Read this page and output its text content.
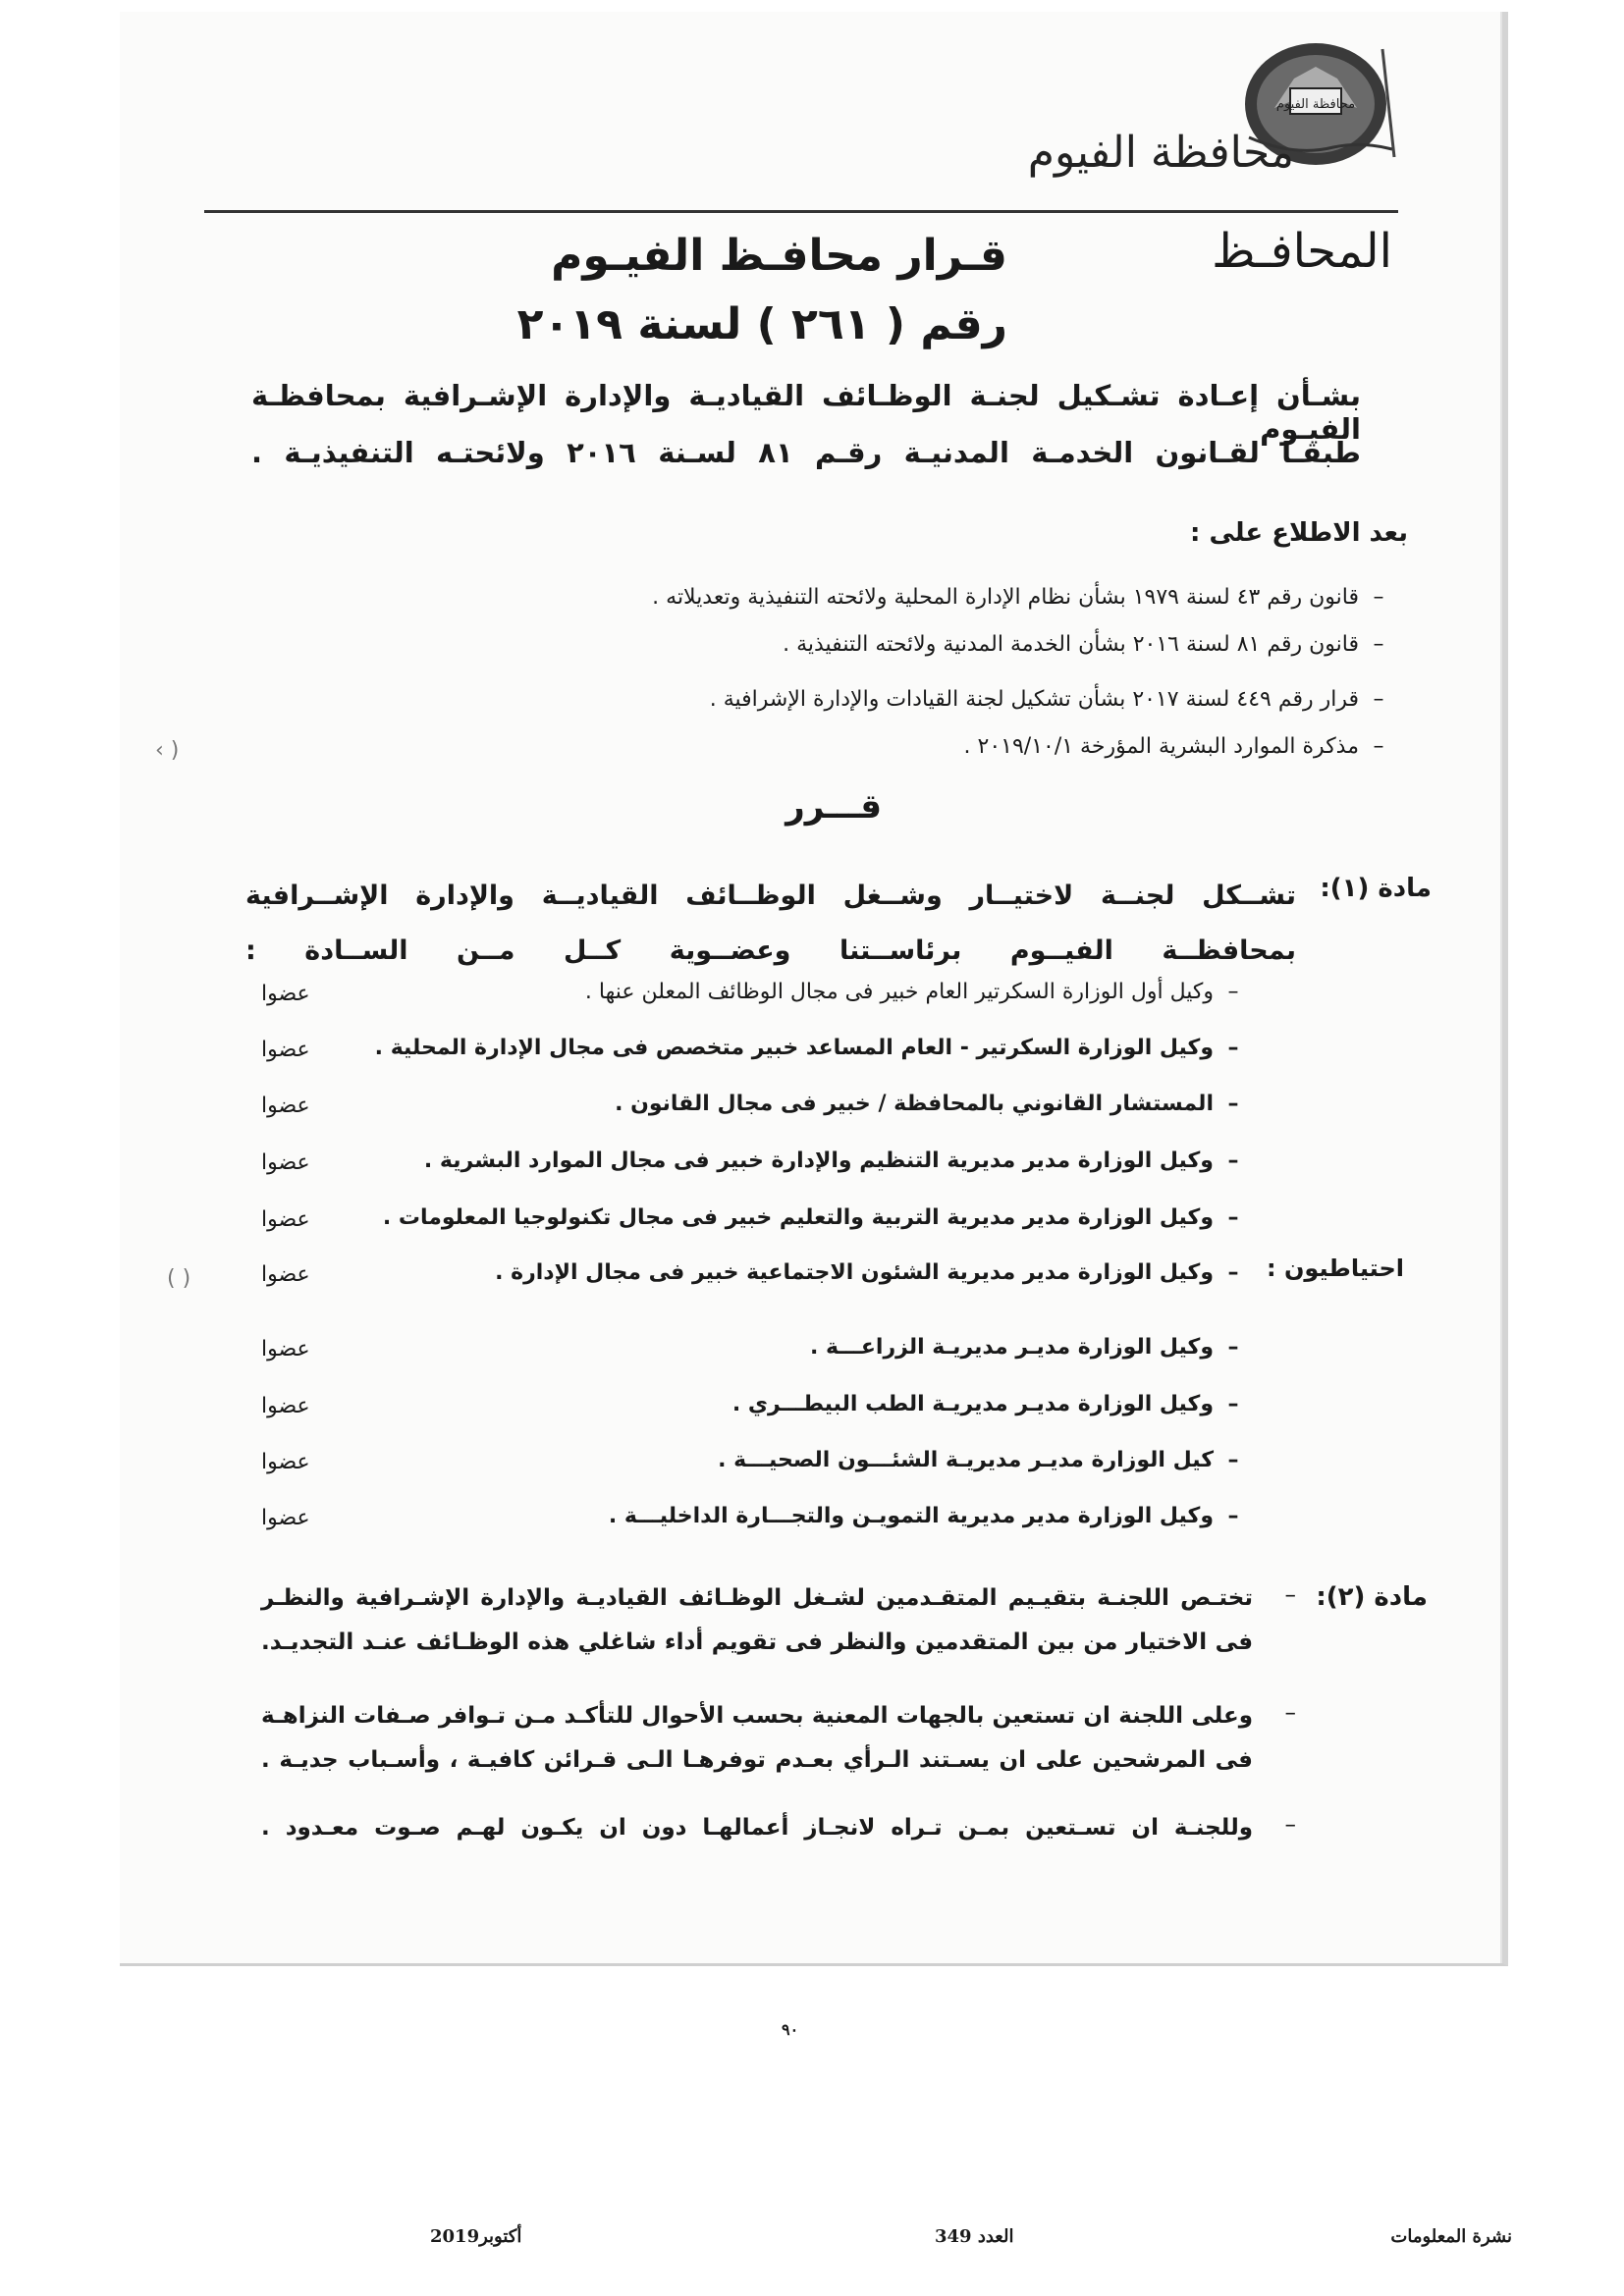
محافظة الفيوم
محافظة الفيوم
المحافـظ
قـرار محافـظ الفيـوم
رقم ( ٢٦١ ) لسنة ٢٠١٩
بشـأن إعـادة تشـكيل لجنـة الوظـائف القياديـة والإدارة الإشـرافية بمحافظـة الفيـوم
طبقـا لقـانون الخدمـة المدنيـة رقـم ٨١ لسـنة ٢٠١٦ ولائحتـه التنفيذيـة .
بعد الاطلاع على :
–قانون رقم ٤٣ لسنة ١٩٧٩ بشأن نظام الإدارة المحلية ولائحته التنفيذية وتعديلاته .
–قانون رقم ٨١ لسنة ٢٠١٦ بشأن الخدمة المدنية ولائحته التنفيذية .
–قرار رقم ٤٤٩ لسنة ٢٠١٧ بشأن تشكيل لجنة القيادات والإدارة الإشرافية .
–مذكرة الموارد البشرية المؤرخة ٢٠١٩/١٠/١ .
قـــرر
مادة (١):
تشــكل لجنــة لاختيــار وشــغل الوظــائف القياديــة والإدارة الإشــرافية
بمحافظــة الفيــوم برئاســتنا وعضــوية كــل مــن الســادة :
–وكيل أول الوزارة السكرتير العام خبير فى مجال الوظائف المعلن عنها .
عضوا
–وكيل الوزارة السكرتير - العام المساعد خبير متخصص فى مجال الإدارة المحلية .
عضوا
–المستشار القانوني بالمحافظة / خبير فى مجال القانون .
عضوا
–وكيل الوزارة مدير مديرية التنظيم والإدارة خبير فى مجال الموارد البشرية .
عضوا
–وكيل الوزارة مدير مديرية التربية والتعليم خبير فى مجال تكنولوجيا المعلومات .
عضوا
احتياطيون :
–وكيل الوزارة مدير مديرية الشئون الاجتماعية خبير فى مجال الإدارة .
عضوا
–وكيل الوزارة مديـر مديريـة الزراعـــة .
عضوا
–وكيل الوزارة مديـر مديريـة الطب البيطـــري .
عضوا
–كيل الوزارة مديـر مديريـة الشئـــون الصحيـــة .
عضوا
–وكيل الوزارة مدير مديرية التمويـن والتجـــارة الداخليـــة .
عضوا
مادة (٢):
–
تختـص اللجنـة بتقيـيم المتقـدمين لشـغل الوظـائف القياديـة والإدارة الإشـرافية والنظـر
فى الاختيار من بين المتقدمين والنظر فى تقويم أداء شاغلي هذه الوظـائف عنـد التجديـد.
–
وعلى اللجنة ان تستعين بالجهات المعنية بحسب الأحوال للتأكـد مـن تـوافر صـفات النزاهـة
فى المرشحين على ان يسـتند الـرأي بعـدم توفرهـا الـى قـرائن كافيـة ، وأسـباب جديـة .
–
وللجنـة ان تسـتعين بمـن تـراه لانجـاز أعمالهـا دون ان يكـون لهـم صـوت معـدود .
‹ )
( )
٩٠
نشرة المعلومات
العدد 349
أكتوبر2019
